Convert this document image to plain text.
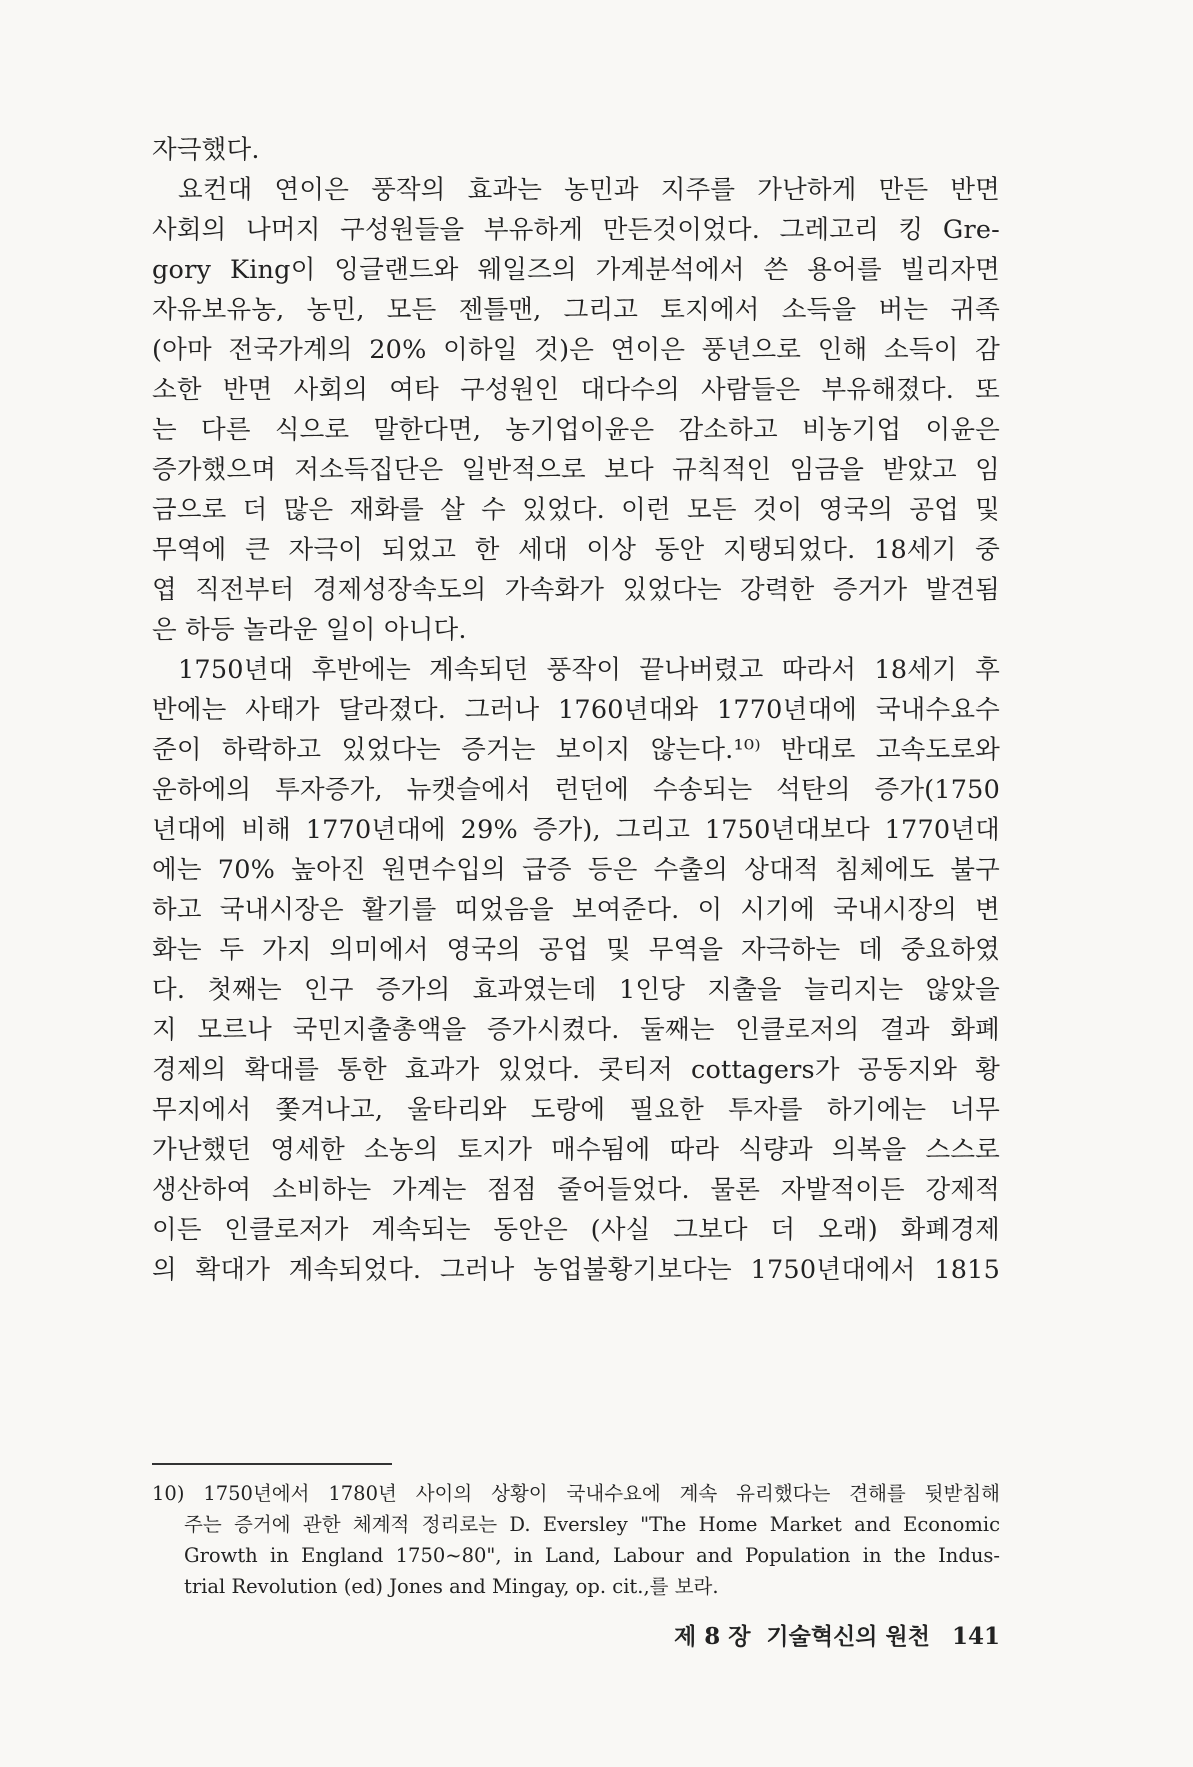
자극했다.
요컨대 연이은 풍작의 효과는 농민과 지주를 가난하게 만든 반면
사회의 나머지 구성원들을 부유하게 만든것이었다. 그레고리 킹 Gre-
gory King이 잉글랜드와 웨일즈의 가계분석에서 쓴 용어를 빌리자면
자유보유농, 농민, 모든 젠틀맨, 그리고 토지에서 소득을 버는 귀족
(아마 전국가계의 20% 이하일 것)은 연이은 풍년으로 인해 소득이 감
소한 반면 사회의 여타 구성원인 대다수의 사람들은 부유해졌다. 또
는 다른 식으로 말한다면, 농기업이윤은 감소하고 비농기업 이윤은
증가했으며 저소득집단은 일반적으로 보다 규칙적인 임금을 받았고 임
금으로 더 많은 재화를 살 수 있었다. 이런 모든 것이 영국의 공업 및
무역에 큰 자극이 되었고 한 세대 이상 동안 지탱되었다. 18세기 중
엽 직전부터 경제성장속도의 가속화가 있었다는 강력한 증거가 발견됨
은 하등 놀라운 일이 아니다.
1750년대 후반에는 계속되던 풍작이 끝나버렸고 따라서 18세기 후
반에는 사태가 달라졌다. 그러나 1760년대와 1770년대에 국내수요수
준이 하락하고 있었다는 증거는 보이지 않는다.¹⁰⁾ 반대로 고속도로와
운하에의 투자증가, 뉴캣슬에서 런던에 수송되는 석탄의 증가(1750
년대에 비해 1770년대에 29% 증가), 그리고 1750년대보다 1770년대
에는 70% 높아진 원면수입의 급증 등은 수출의 상대적 침체에도 불구
하고 국내시장은 활기를 띠었음을 보여준다. 이 시기에 국내시장의 변
화는 두 가지 의미에서 영국의 공업 및 무역을 자극하는 데 중요하였
다. 첫째는 인구 증가의 효과였는데 1인당 지출을 늘리지는 않았을
지 모르나 국민지출총액을 증가시켰다. 둘째는 인클로저의 결과 화폐
경제의 확대를 통한 효과가 있었다. 콧티저 cottagers가 공동지와 황
무지에서 쫓겨나고, 울타리와 도랑에 필요한 투자를 하기에는 너무
가난했던 영세한 소농의 토지가 매수됨에 따라 식량과 의복을 스스로
생산하여 소비하는 가계는 점점 줄어들었다. 물론 자발적이든 강제적
이든 인클로저가 계속되는 동안은 (사실 그보다 더 오래) 화폐경제
의 확대가 계속되었다. 그러나 농업불황기보다는 1750년대에서 1815
10) 1750년에서 1780년 사이의 상황이 국내수요에 계속 유리했다는 견해를 뒷받침해
주는 증거에 관한 체계적 정리로는 D. Eversley "The Home Market and Economic
Growth in England 1750~80", in Land, Labour and Population in the Indus-
trial Revolution (ed) Jones and Mingay, op. cit.,를 보라.
제 8 장  기술혁신의 원천 141
